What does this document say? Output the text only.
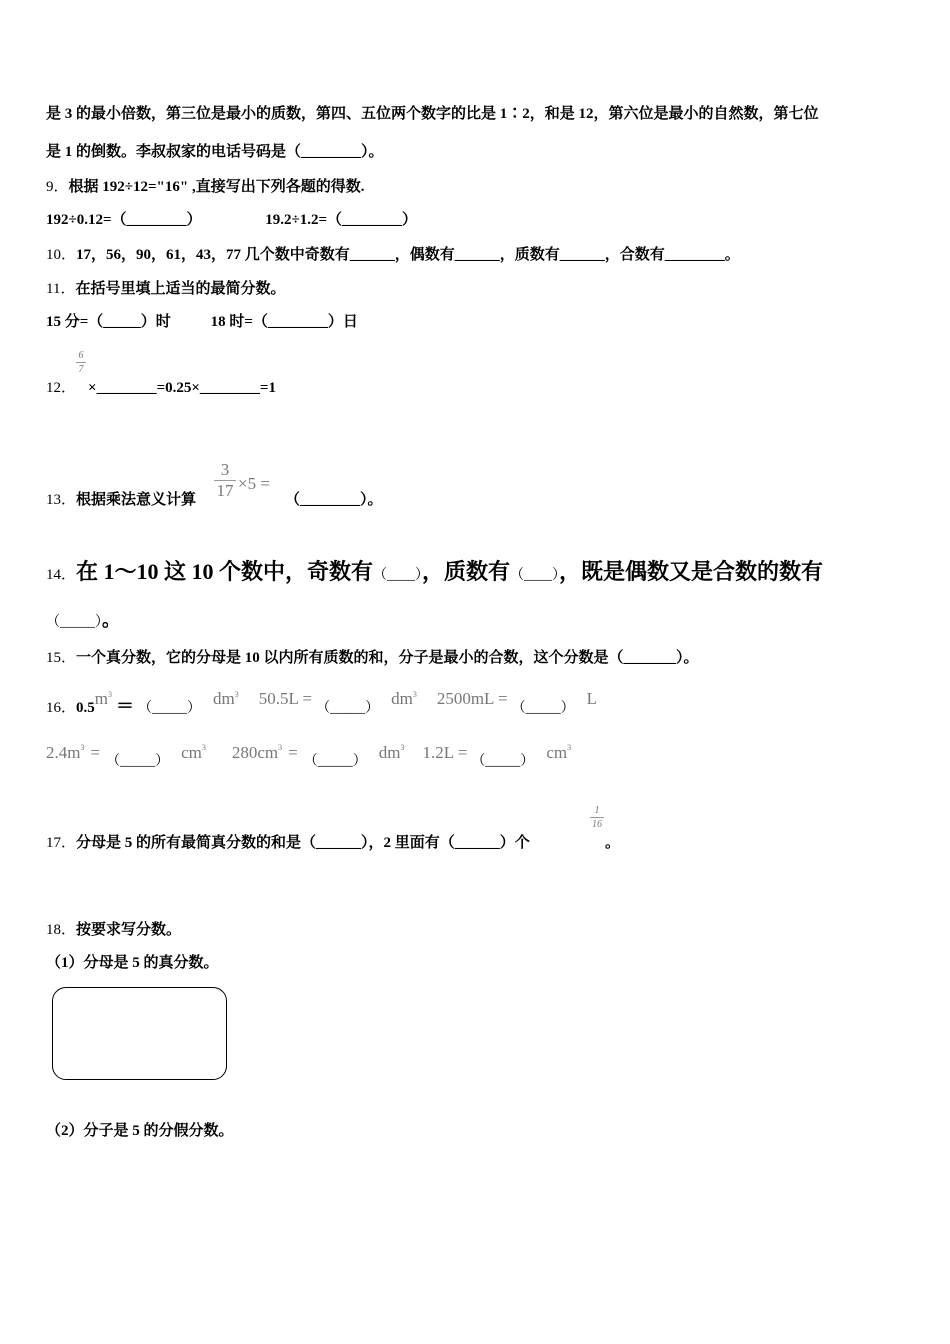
是 3 的最小倍数，第三位是最小的质数，第四、五位两个数字的比是 1∶2，和是 12，第六位是最小的自然数，第七位
是 1 的倒数。李叔叔家的电话号码是（________）。
9．根据 192÷12="16" ,直接写出下列各题的得数.
192÷0.12=（________）	19.2÷1.2=（________）
10．17，56，90，61，43，77 几个数中奇数有______，偶数有______，质数有______，合数有________。
11．在括号里填上适当的最简分数。
15 分=（_____）时	18 时=（________）日
6
7
12． ×________=0.25×________=1
3
17 ×5 =
13．根据乘法意义计算	（________）。
14．在 1～10 这 10 个数中，奇数有（____），质数有（____），既是偶数又是合数的数有
（_____）。
15．一个真分数，它的分母是 10 以内所有质数的和，分子是最小的合数，这个分数是（_______）。
16．$0.5m^3=$ $(\_\_\_\_\_)dm^3$ $50.5L =(\_\_\_\_\_)dm^3$ 2500mL =（_____）L
$2.4m^3$ = （_____） $cm^3$ $280cm^3$ = （_____） $dm^3$ 1.2L = （_____） $cm^3$
17．分母是 5 的所有最简真分数的和是（______），2 里面有（______）个
1
16
。
18．按要求写分数。
（1）分母是 5 的真分数。
（2）分子是 5 的分假分数。
